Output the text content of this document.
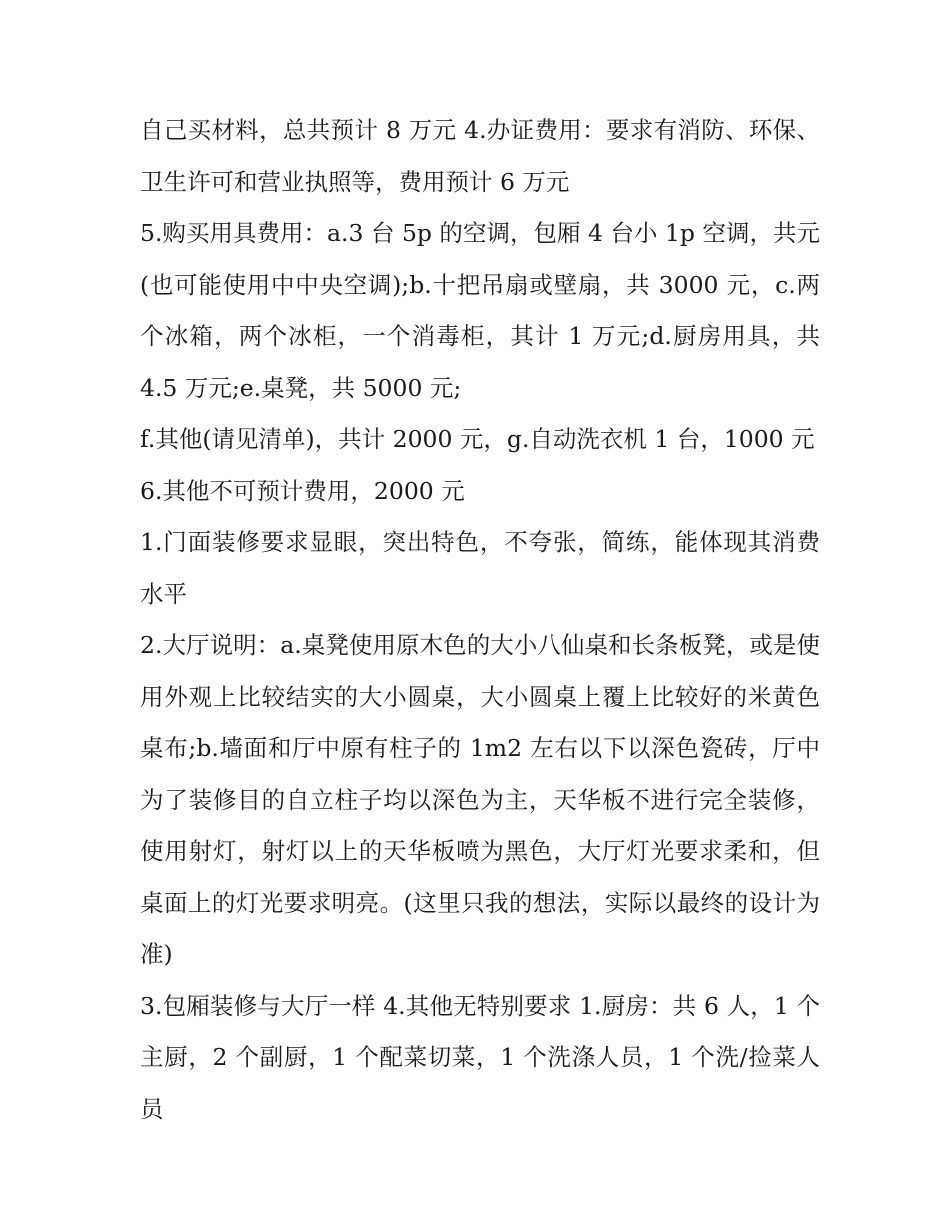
自己买材料，总共预计 8 万元 4.办证费用：要求有消防、环保、卫生许可和营业执照等，费用预计 6 万元

5.购买用具费用：a.3 台 5p 的空调，包厢 4 台小 1p 空调，共元(也可能使用中中央空调);b.十把吊扇或壁扇，共 3000 元，c.两个冰箱，两个冰柜，一个消毒柜，其计 1 万元;d.厨房用具，共 4.5 万元;e.桌凳，共 5000 元;

f.其他(请见清单)，共计 2000 元，g.自动洗衣机 1 台，1000 元

6.其他不可预计费用，2000 元

1.门面装修要求显眼，突出特色，不夸张，简练，能体现其消费水平

2.大厅说明：a.桌凳使用原木色的大小八仙桌和长条板凳，或是使用外观上比较结实的大小圆桌，大小圆桌上覆上比较好的米黄色桌布;b.墙面和厅中原有柱子的 1m2 左右以下以深色瓷砖，厅中为了装修目的自立柱子均以深色为主，天华板不进行完全装修，使用射灯，射灯以上的天华板喷为黑色，大厅灯光要求柔和，但桌面上的灯光要求明亮。(这里只我的想法，实际以最终的设计为准)

3.包厢装修与大厅一样 4.其他无特别要求 1.厨房：共 6 人，1 个主厨，2 个副厨，1 个配菜切菜，1 个洗涤人员，1 个洗/捡菜人员
